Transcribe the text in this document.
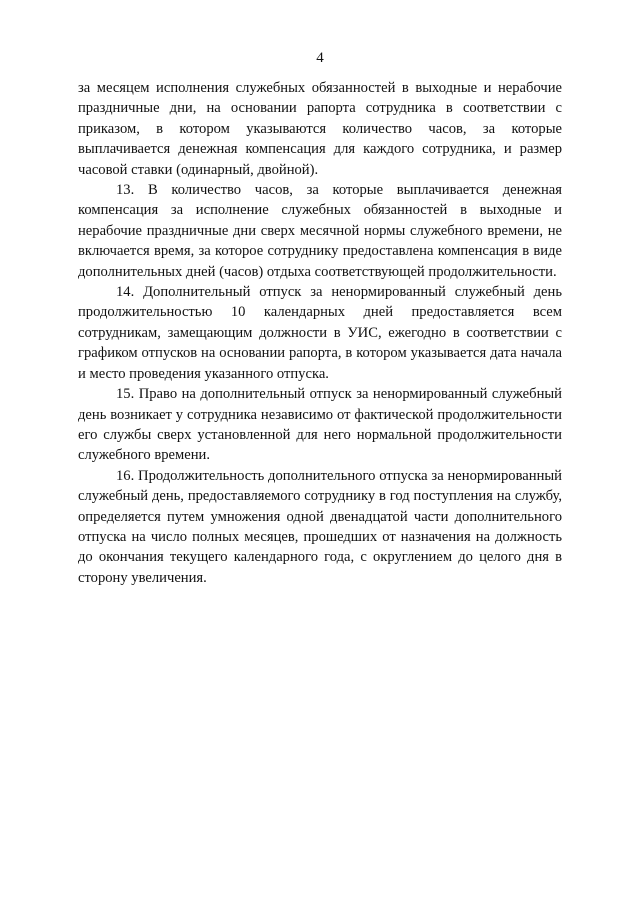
4

за месяцем исполнения служебных обязанностей в выходные и нерабочие праздничные дни, на основании рапорта сотрудника в соответствии с приказом, в котором указываются количество часов, за которые выплачивается денежная компенсация для каждого сотрудника, и размер часовой ставки (одинарный, двойной).

13. В количество часов, за которые выплачивается денежная компенсация за исполнение служебных обязанностей в выходные и нерабочие праздничные дни сверх месячной нормы служебного времени, не включается время, за которое сотруднику предоставлена компенсация в виде дополнительных дней (часов) отдыха соответствующей продолжительности.

14. Дополнительный отпуск за ненормированный служебный день продолжительностью 10 календарных дней предоставляется всем сотрудникам, замещающим должности в УИС, ежегодно в соответствии с графиком отпусков на основании рапорта, в котором указывается дата начала и место проведения указанного отпуска.

15. Право на дополнительный отпуск за ненормированный служебный день возникает у сотрудника независимо от фактической продолжительности его службы сверх установленной для него нормальной продолжительности служебного времени.

16. Продолжительность дополнительного отпуска за ненормированный служебный день, предоставляемого сотруднику в год поступления на службу, определяется путем умножения одной двенадцатой части дополнительного отпуска на число полных месяцев, прошедших от назначения на должность до окончания текущего календарного года, с округлением до целого дня в сторону увеличения.
